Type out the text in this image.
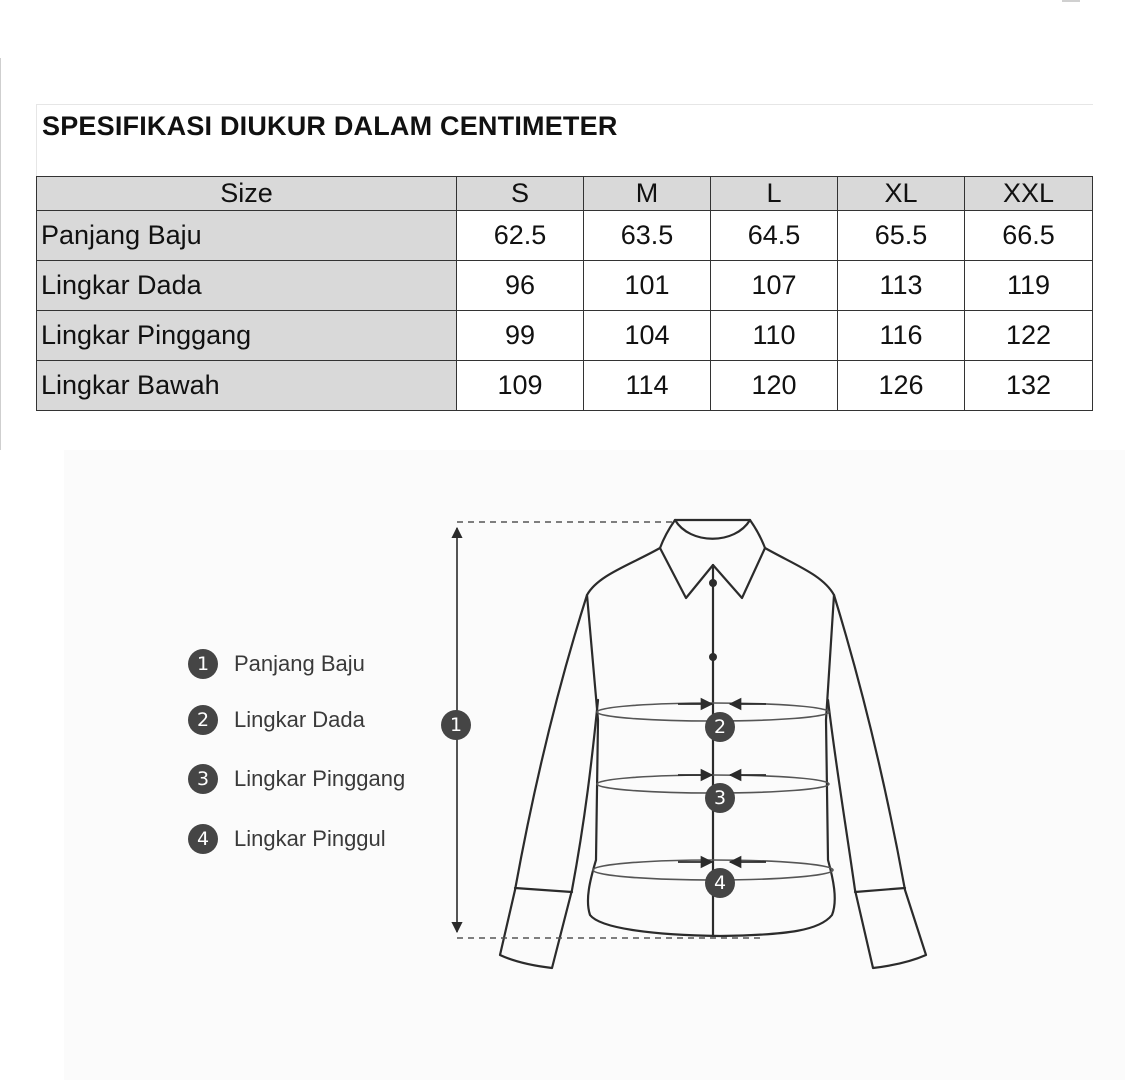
SPESIFIKASI DIUKUR DALAM CENTIMETER
Size	S	M	L	XL	XXL
Panjang Baju	62.5	63.5	64.5	65.5	66.5
Lingkar Dada	96	101	107	113	119
Lingkar Pinggang	99	104	110	116	122
Lingkar Bawah	109	114	120	126	132
1	2
3
4
1	Panjang Baju
2	Lingkar Dada
3	Lingkar Pinggang
4	Lingkar Pinggul
